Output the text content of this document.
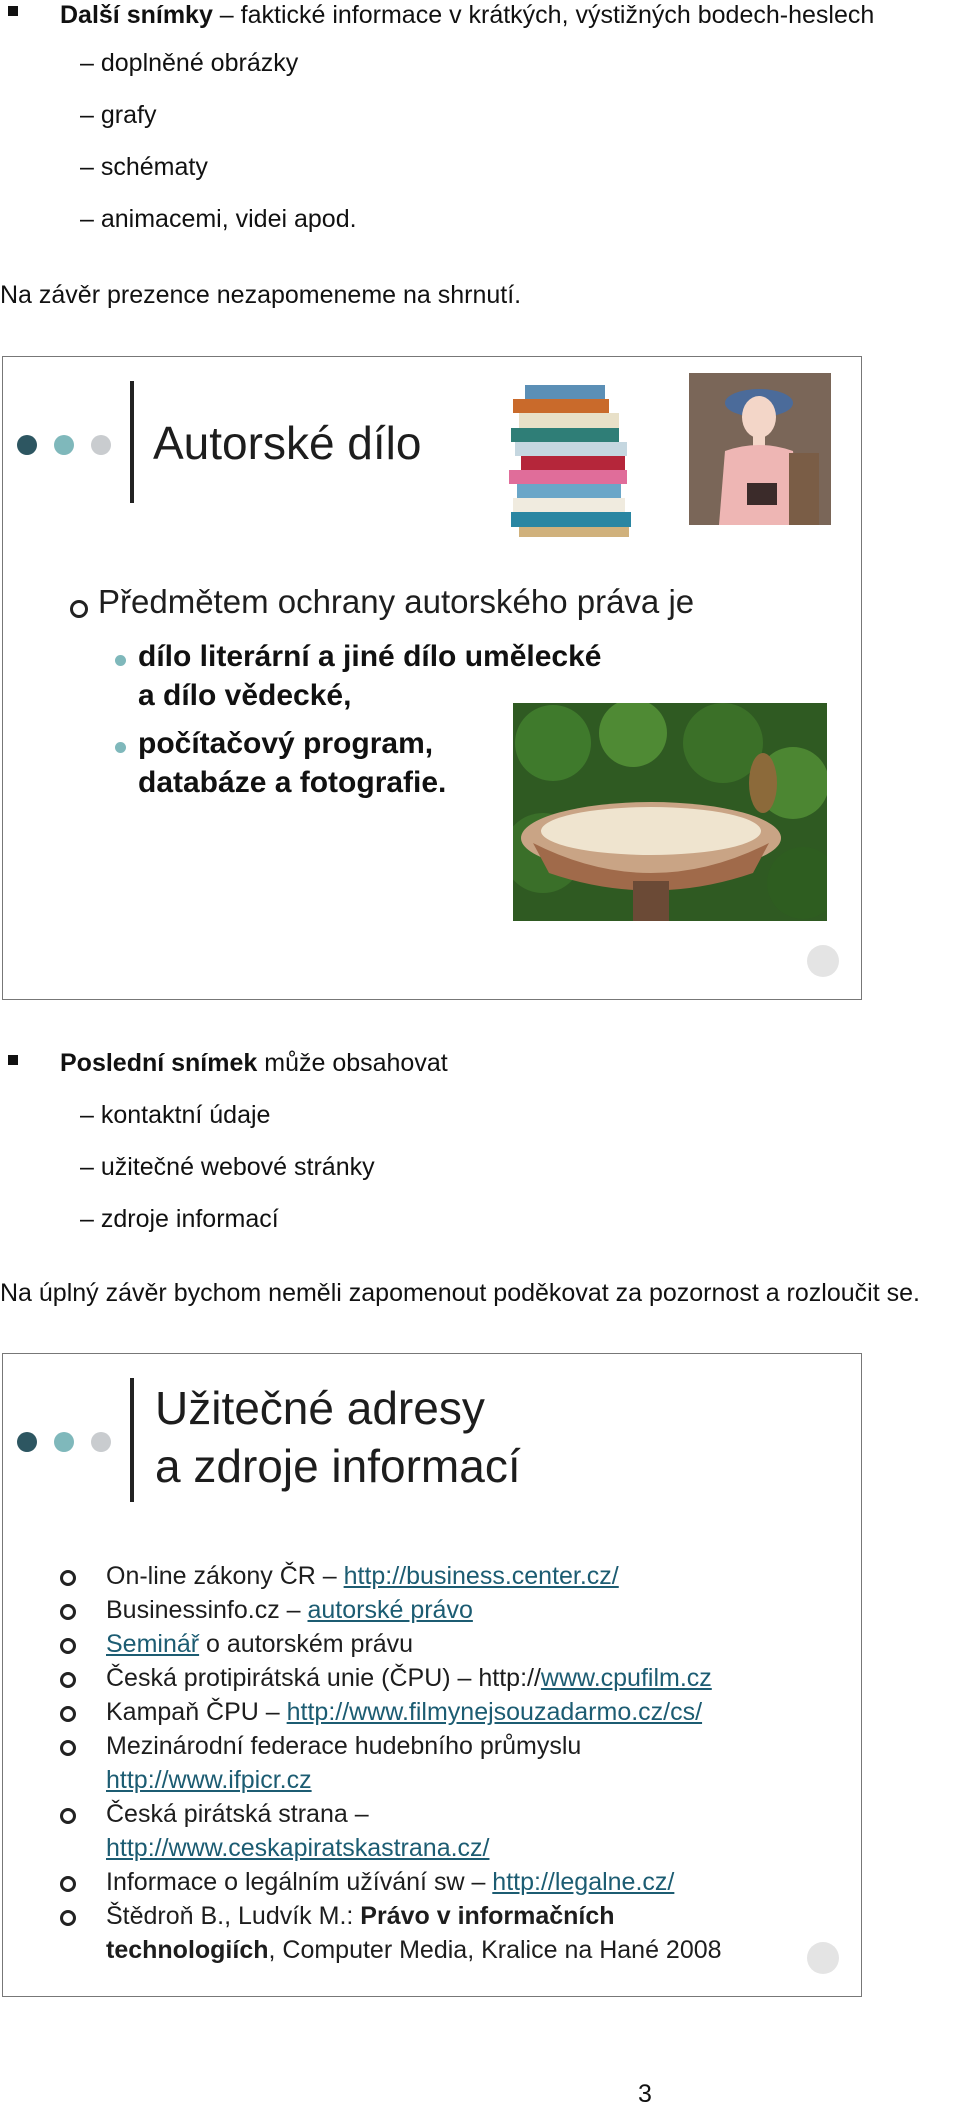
Další snímky – faktické informace v krátkých, výstižných bodech-heslech
– doplněné obrázky
– grafy
– schématy
– animacemi, videi apod.
Na závěr prezence nezapomeneme na shrnutí.
Autorské dílo
Předmětem ochrany autorského práva je
dílo literární a jiné dílo umělecké
a dílo vědecké,
počítačový program,
databáze a fotografie.
Poslední snímek může obsahovat
– kontaktní údaje
– užitečné webové stránky
– zdroje informací
Na úplný závěr bychom neměli zapomenout poděkovat za pozornost a rozloučit se.
Užitečné adresy
a zdroje informací
On-line zákony ČR – http://business.center.cz/
Businessinfo.cz – autorské právo
Seminář o autorském právu
Česká protipirátská unie (ČPU) – http://www.cpufilm.cz
Kampaň ČPU – http://www.filmynejsouzadarmo.cz/cs/
Mezinárodní federace hudebního průmyslu
http://www.ifpicr.cz
Česká pirátská strana –
http://www.ceskapiratskastrana.cz/
Informace o legálním užívání sw – http://legalne.cz/
Štědroň B., Ludvík M.: Právo v informačních
technologiích, Computer Media, Kralice na Hané 2008
3
